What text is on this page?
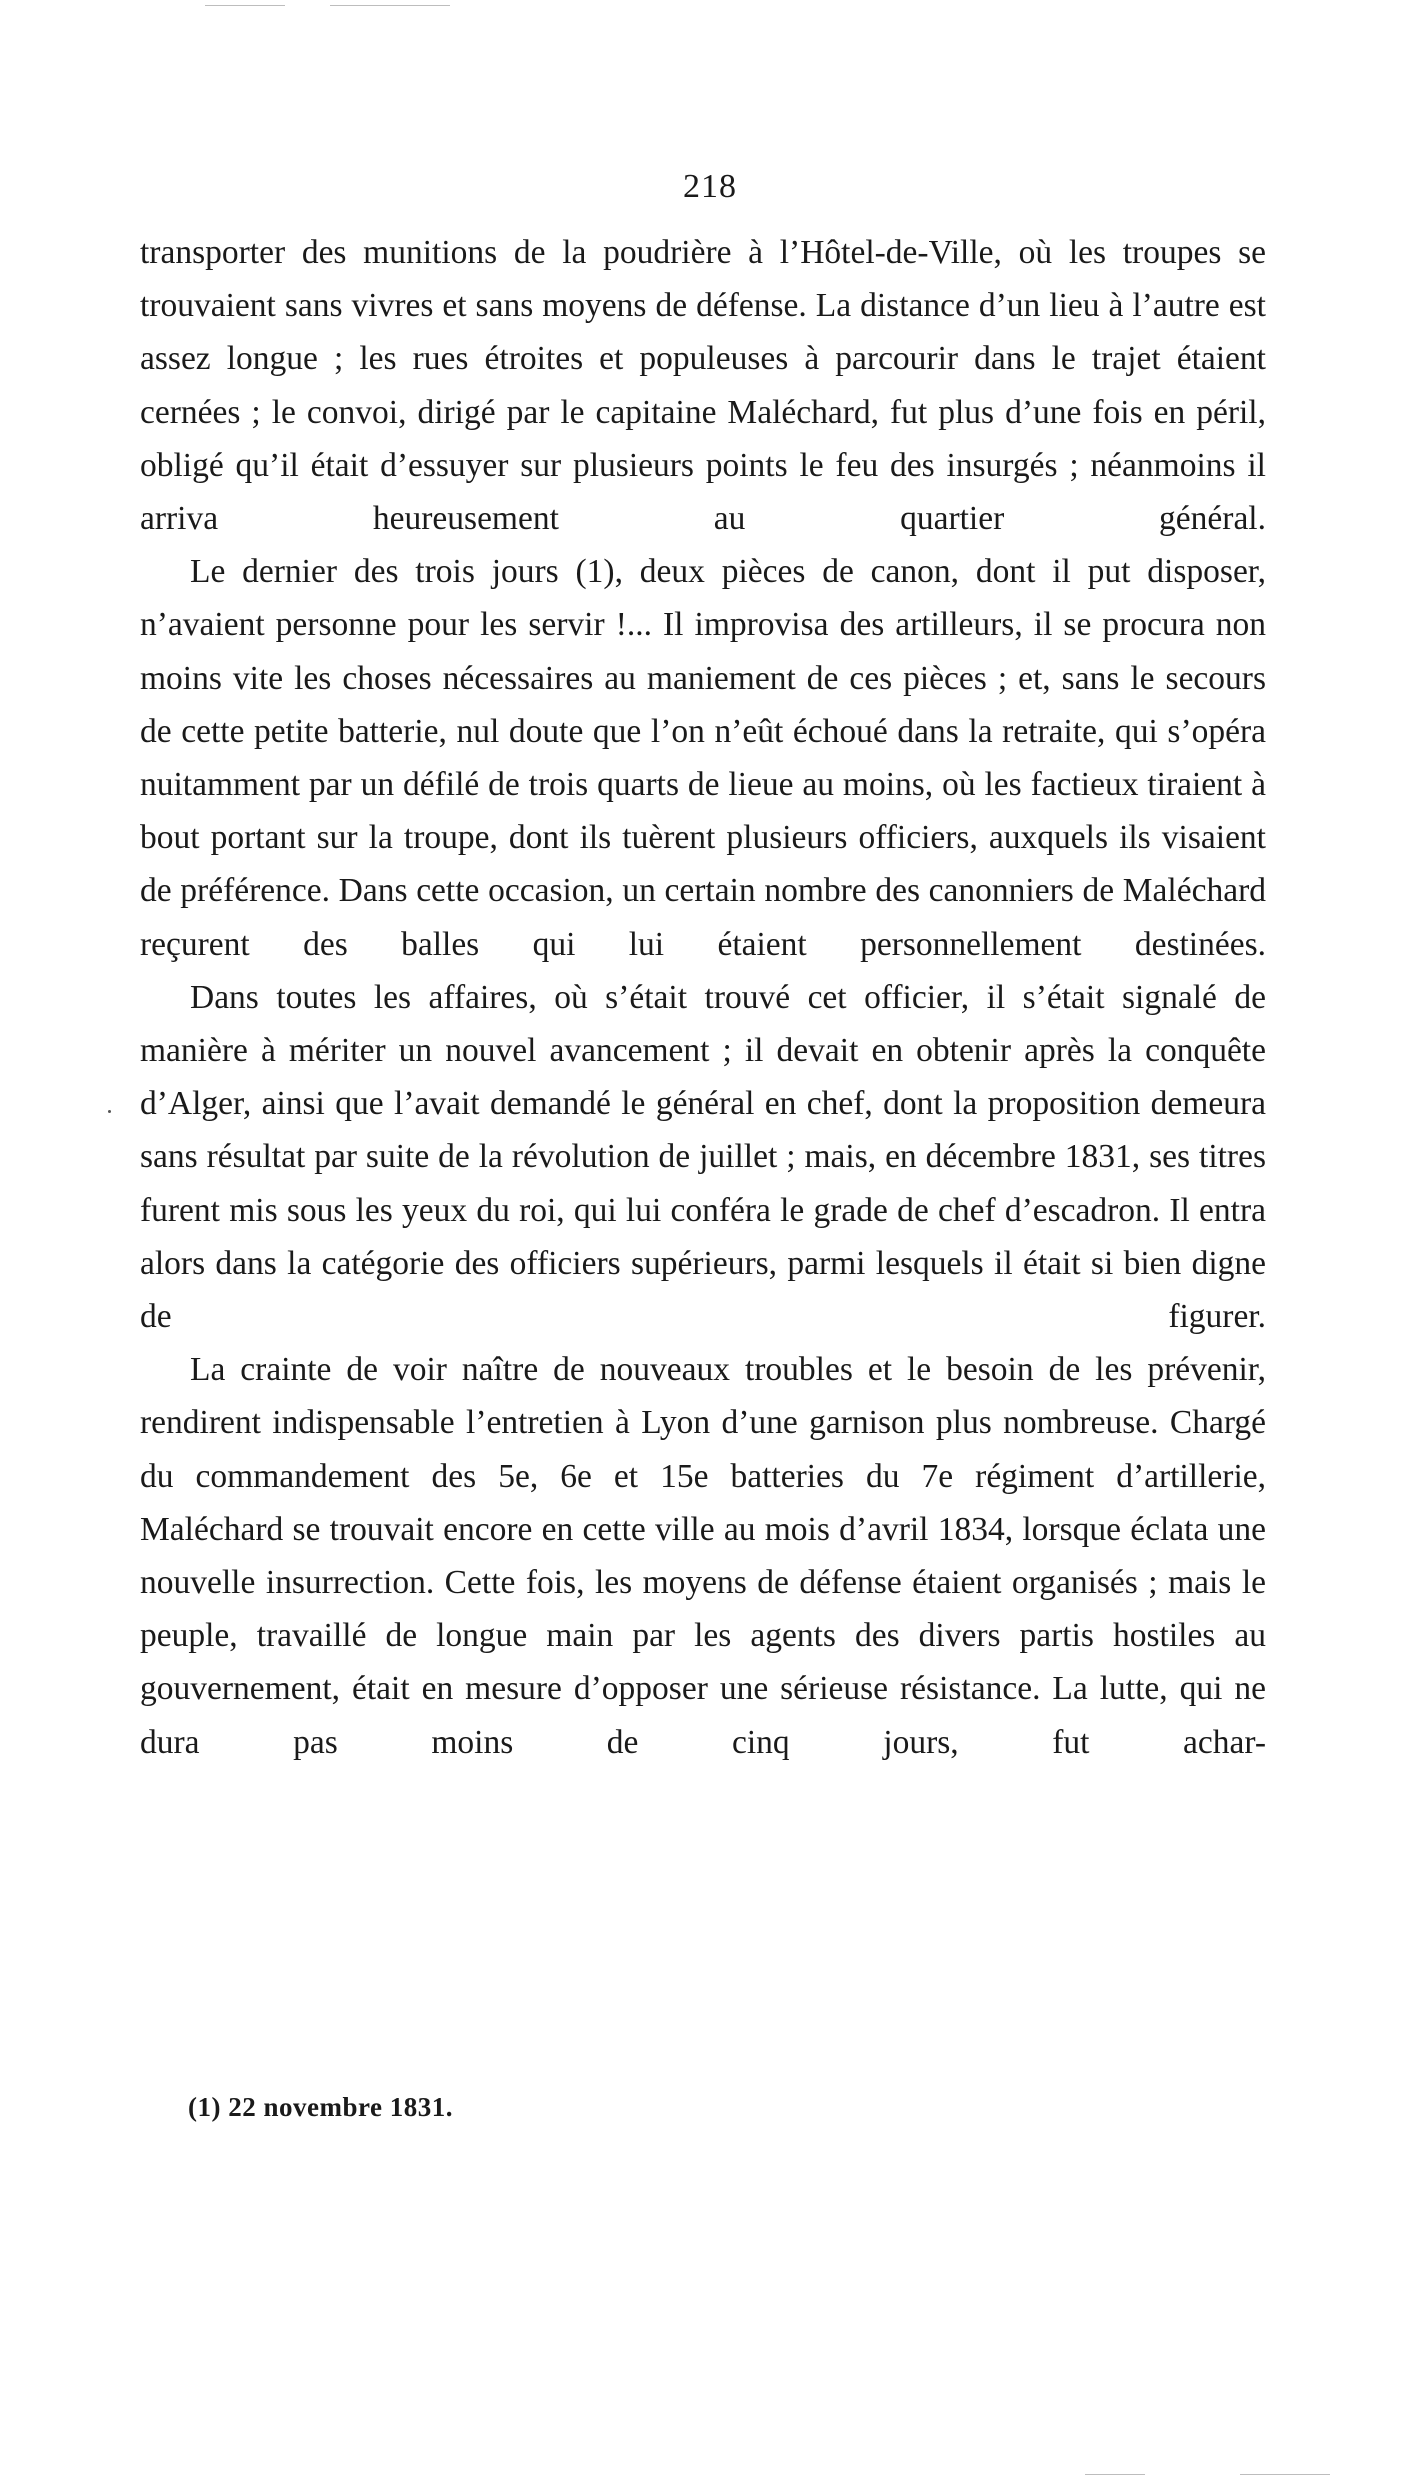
218

transporter des munitions de la poudrière à l’Hôtel-de-Ville, où les troupes se trouvaient sans vivres et sans moyens de défense. La distance d’un lieu à l’autre est assez longue ; les rues étroites et populeuses à parcourir dans le trajet étaient cernées ; le convoi, dirigé par le capitaine Maléchard, fut plus d’une fois en péril, obligé qu’il était d’essuyer sur plusieurs points le feu des insurgés ; néanmoins il arriva heureusement au quartier général.

Le dernier des trois jours (1), deux pièces de canon, dont il put disposer, n’avaient personne pour les servir !... Il improvisa des artilleurs, il se procura non moins vite les choses nécessaires au maniement de ces pièces ; et, sans le secours de cette petite batterie, nul doute que l’on n’eût échoué dans la retraite, qui s’opéra nuitamment par un défilé de trois quarts de lieue au moins, où les factieux tiraient à bout portant sur la troupe, dont ils tuèrent plusieurs officiers, auxquels ils visaient de préférence. Dans cette occasion, un certain nombre des canonniers de Maléchard reçurent des balles qui lui étaient personnellement destinées.

Dans toutes les affaires, où s’était trouvé cet officier, il s’était signalé de manière à mériter un nouvel avancement ; il devait en obtenir après la conquête d’Alger, ainsi que l’avait demandé le général en chef, dont la proposition demeura sans résultat par suite de la révolution de juillet ; mais, en décembre 1831, ses titres furent mis sous les yeux du roi, qui lui conféra le grade de chef d’escadron. Il entra alors dans la catégorie des officiers supérieurs, parmi lesquels il était si bien digne de figurer.

La crainte de voir naître de nouveaux troubles et le besoin de les prévenir, rendirent indispensable l’entretien à Lyon d’une garnison plus nombreuse. Chargé du commandement des 5e, 6e et 15e batteries du 7e régiment d’artillerie, Maléchard se trouvait encore en cette ville au mois d’avril 1834, lorsque éclata une nouvelle insurrection. Cette fois, les moyens de défense étaient organisés ; mais le peuple, travaillé de longue main par les agents des divers partis hostiles au gouvernement, était en mesure d’opposer une sérieuse résistance. La lutte, qui ne dura pas moins de cinq jours, fut achar-

(1) 22 novembre 1831.
